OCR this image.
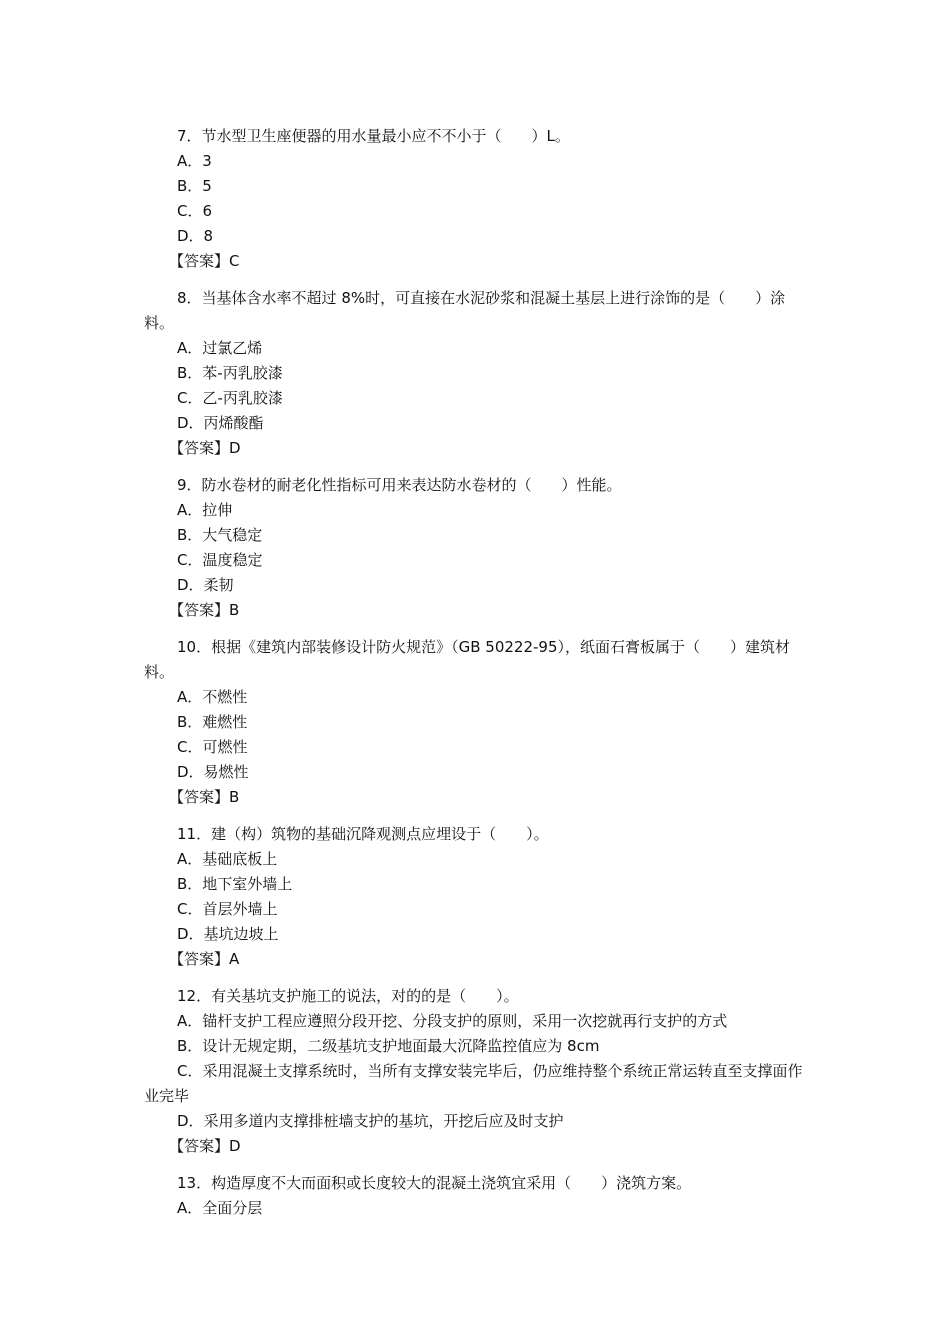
7．节水型卫生座便器的用水量最小应不不小于（　　）L。
A．3
B．5
C．6
D．8
【答案】C
8．当基体含水率不超过 8%时，可直接在水泥砂浆和混凝土基层上进行涂饰的是（　　）涂料。
A．过氯乙烯
B．苯-丙乳胶漆
C．乙-丙乳胶漆
D．丙烯酸酯
【答案】D
9．防水卷材的耐老化性指标可用来表达防水卷材的（　　）性能。
A．拉伸
B．大气稳定
C．温度稳定
D．柔韧
【答案】B
10．根据《建筑内部装修设计防火规范》（GB 50222-95），纸面石膏板属于（　　）建筑材料。
A．不燃性
B．难燃性
C．可燃性
D．易燃性
【答案】B
11．建（构）筑物的基础沉降观测点应埋设于（　　）。
A．基础底板上
B．地下室外墙上
C．首层外墙上
D．基坑边坡上
【答案】A
12．有关基坑支护施工的说法，对的的是（　　）。
A．锚杆支护工程应遵照分段开挖、分段支护的原则，采用一次挖就再行支护的方式
B．设计无规定期，二级基坑支护地面最大沉降监控值应为 8cm
C．采用混凝土支撑系统时，当所有支撑安装完毕后，仍应维持整个系统正常运转直至支撑面作业完毕
D．采用多道内支撑排桩墙支护的基坑，开挖后应及时支护
【答案】D
13．构造厚度不大而面积或长度较大的混凝土浇筑宜采用（　　）浇筑方案。
A．全面分层
